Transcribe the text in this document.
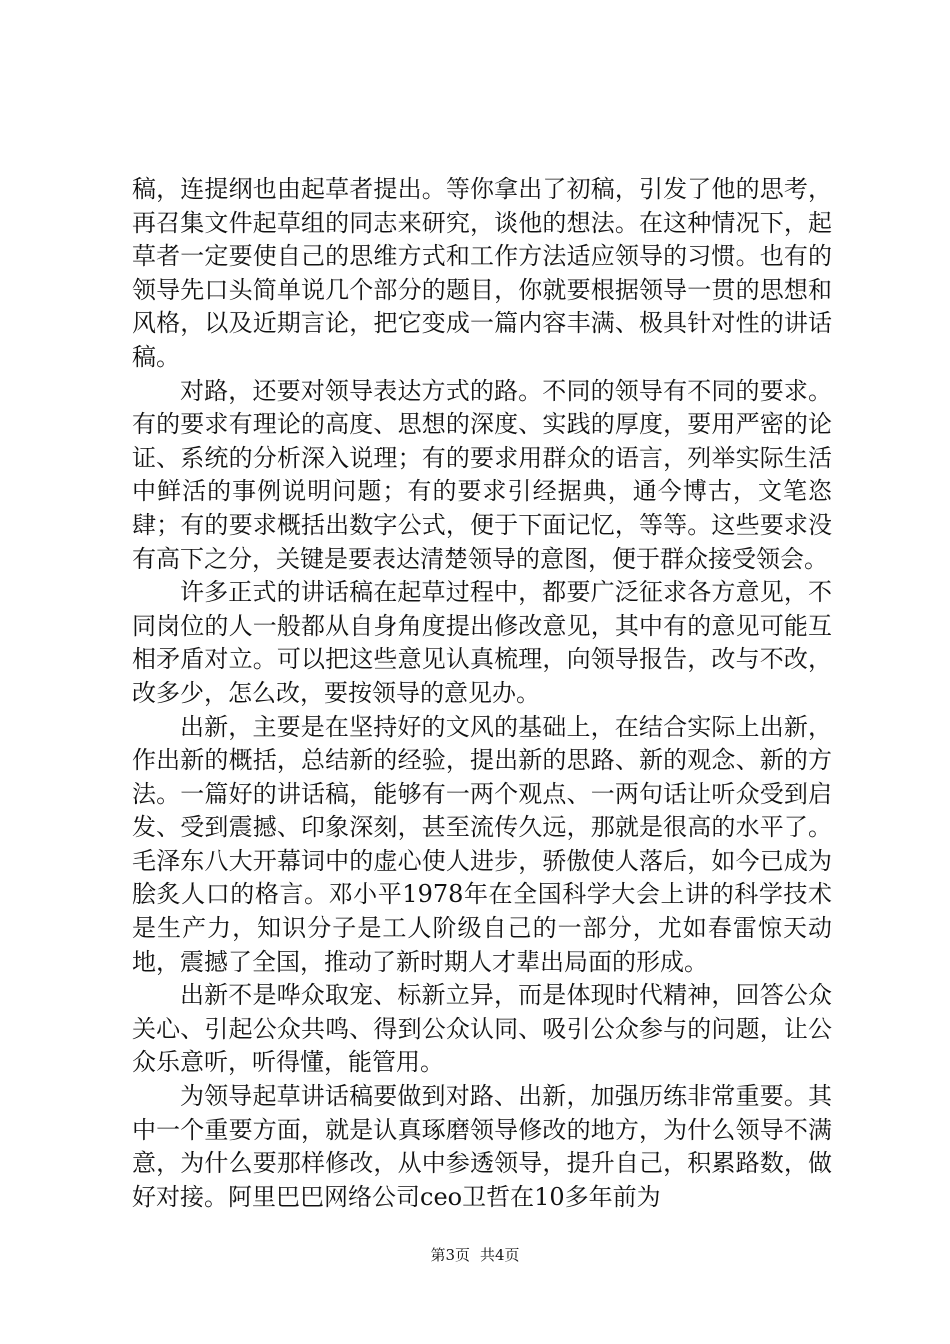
稿，连提纲也由起草者提出。等你拿出了初稿，引发了他的思考，再召集文件起草组的同志来研究，谈他的想法。在这种情况下，起草者一定要使自己的思维方式和工作方法适应领导的习惯。也有的领导先口头简单说几个部分的题目，你就要根据领导一贯的思想和风格，以及近期言论，把它变成一篇内容丰满、极具针对性的讲话稿。

对路，还要对领导表达方式的路。不同的领导有不同的要求。有的要求有理论的高度、思想的深度、实践的厚度，要用严密的论证、系统的分析深入说理；有的要求用群众的语言，列举实际生活中鲜活的事例说明问题；有的要求引经据典，通今博古，文笔恣肆；有的要求概括出数字公式，便于下面记忆，等等。这些要求没有高下之分，关键是要表达清楚领导的意图，便于群众接受领会。

许多正式的讲话稿在起草过程中，都要广泛征求各方意见，不同岗位的人一般都从自身角度提出修改意见，其中有的意见可能互相矛盾对立。可以把这些意见认真梳理，向领导报告，改与不改，改多少，怎么改，要按领导的意见办。

出新，主要是在坚持好的文风的基础上，在结合实际上出新，作出新的概括，总结新的经验，提出新的思路、新的观念、新的方法。一篇好的讲话稿，能够有一两个观点、一两句话让听众受到启发、受到震撼、印象深刻，甚至流传久远，那就是很高的水平了。毛泽东八大开幕词中的虚心使人进步，骄傲使人落后，如今已成为脍炙人口的格言。邓小平1978年在全国科学大会上讲的科学技术是生产力，知识分子是工人阶级自己的一部分，尤如春雷惊天动地，震撼了全国，推动了新时期人才辈出局面的形成。

出新不是哗众取宠、标新立异，而是体现时代精神，回答公众关心、引起公众共鸣、得到公众认同、吸引公众参与的问题，让公众乐意听，听得懂，能管用。

为领导起草讲话稿要做到对路、出新，加强历练非常重要。其中一个重要方面，就是认真琢磨领导修改的地方，为什么领导不满意，为什么要那样修改，从中参透领导，提升自己，积累路数，做好对接。阿里巴巴网络公司ceo卫哲在10多年前为

第3页 共4页
